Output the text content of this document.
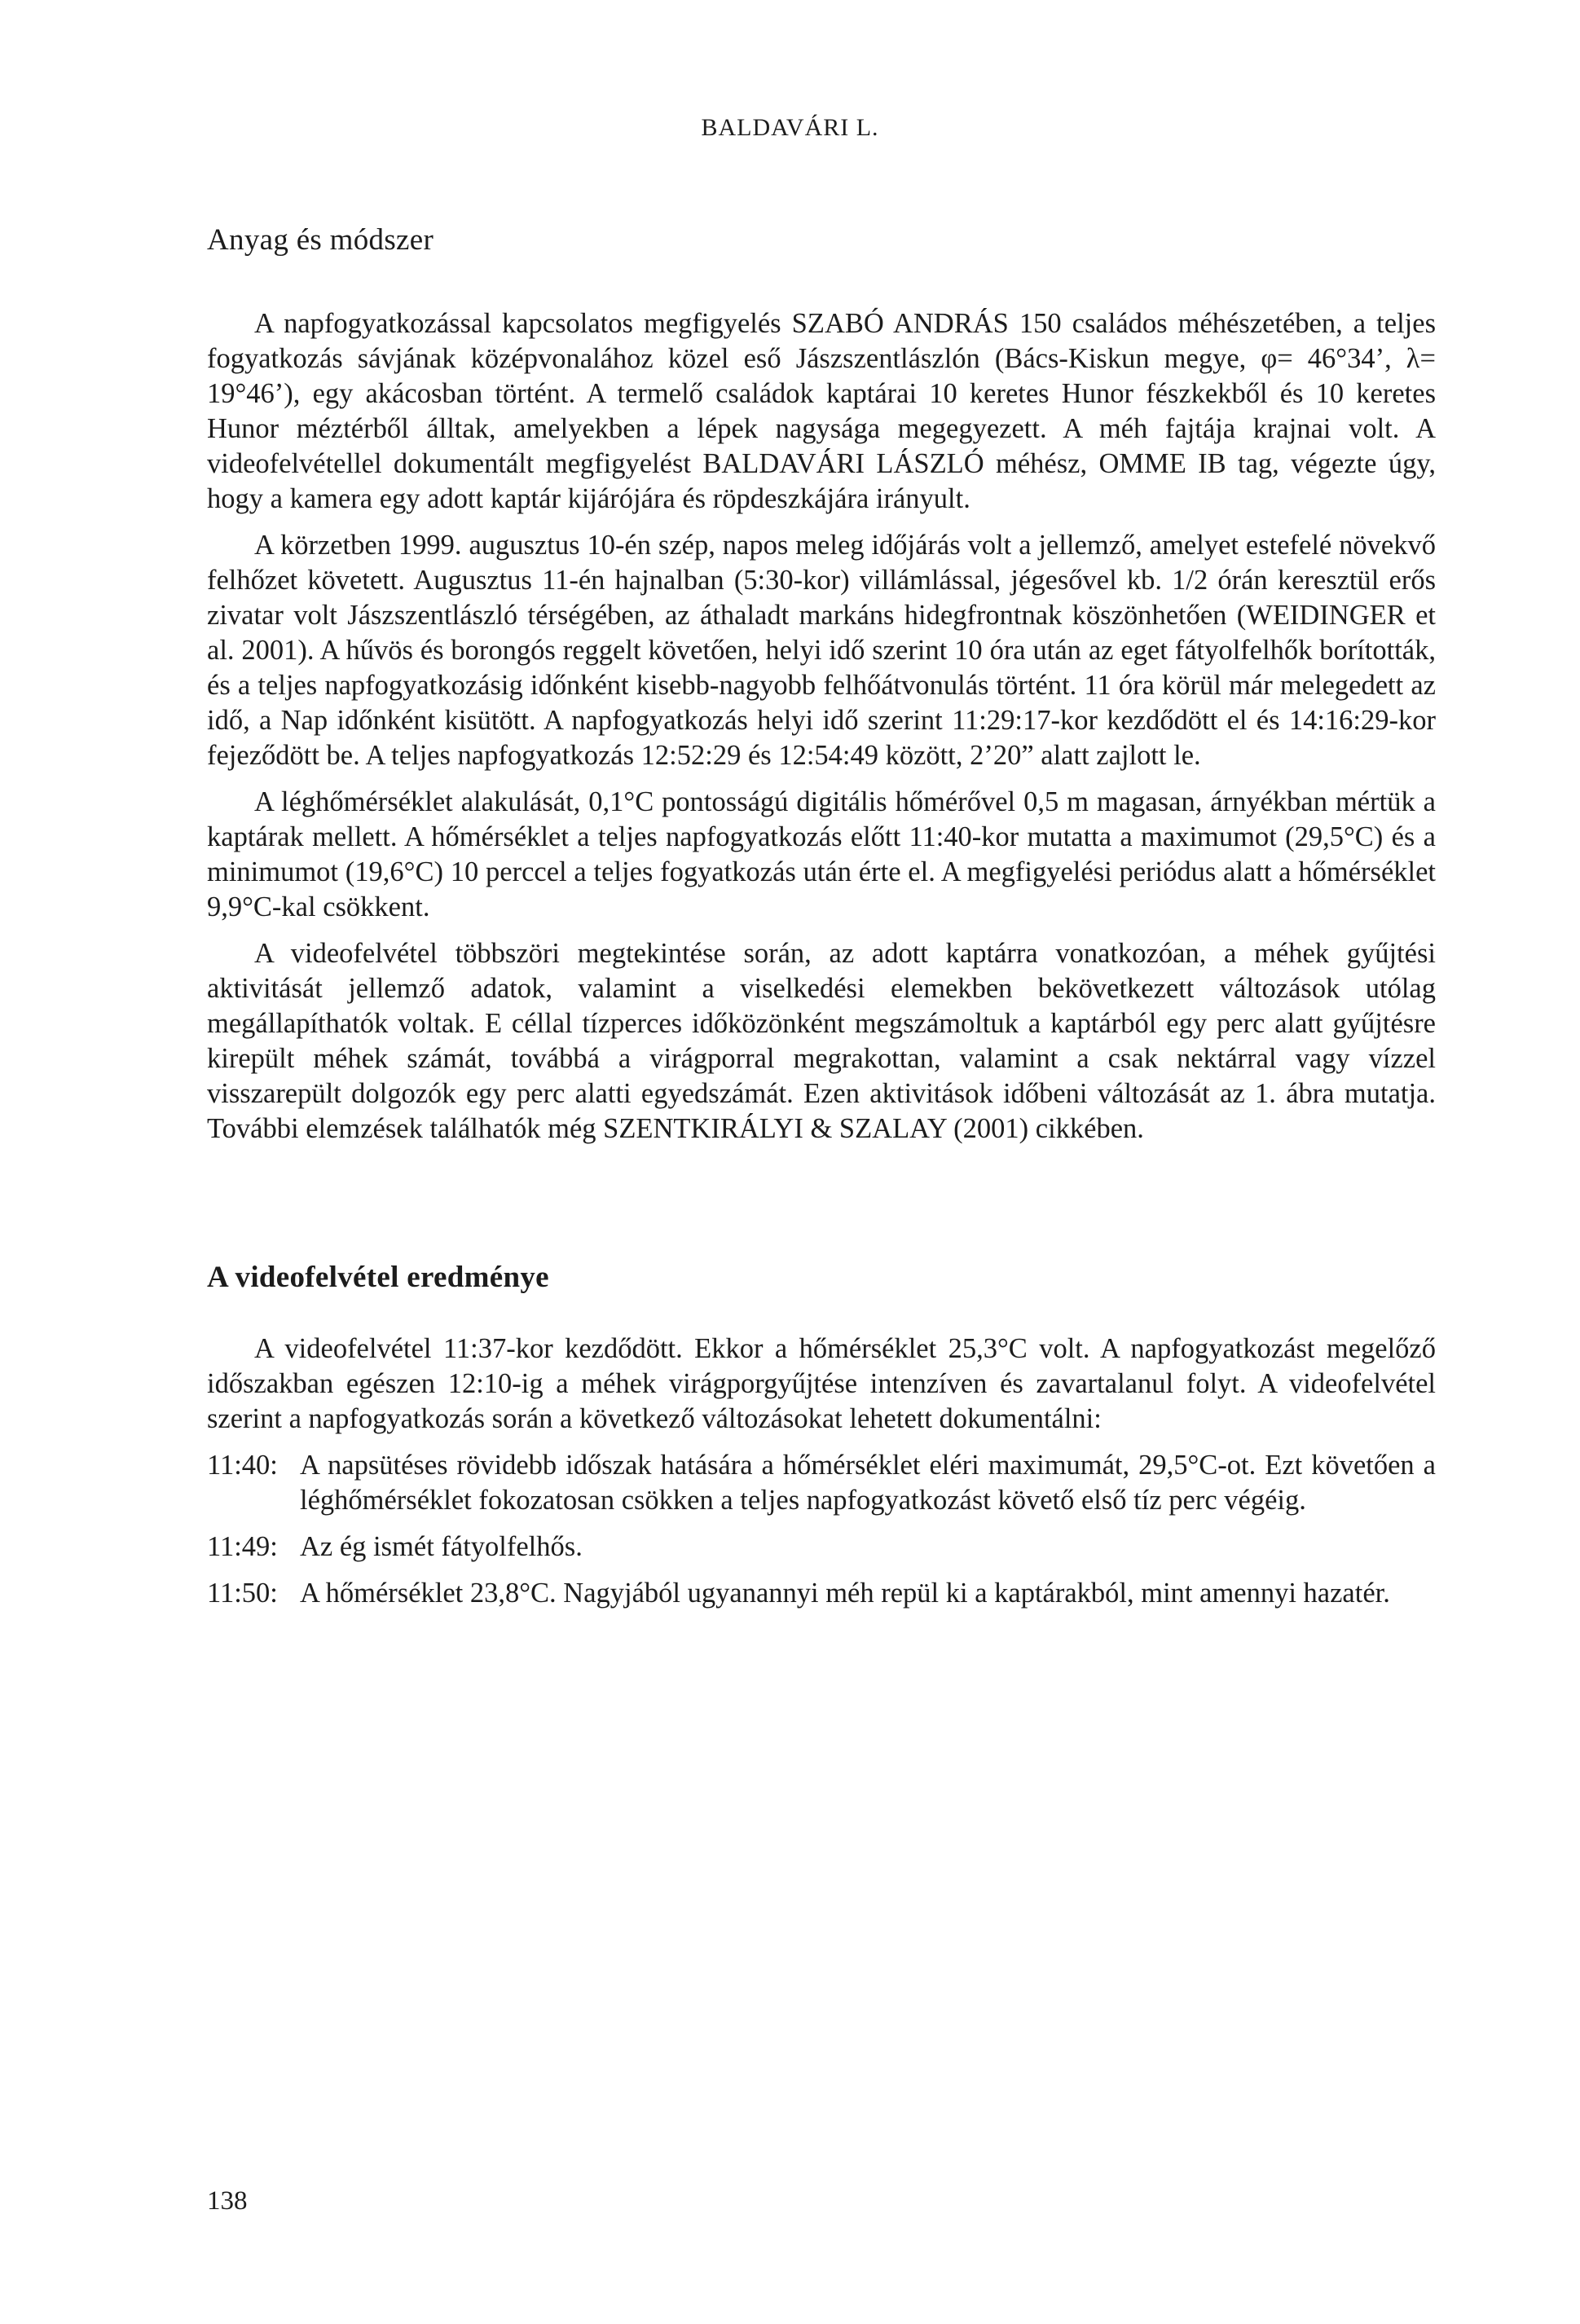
BALDAVÁRI L.
Anyag és módszer

A napfogyatkozással kapcsolatos megfigyelés SZABÓ ANDRÁS 150 családos méhészetében, a teljes fogyatkozás sávjának középvonalához közel eső Jászszentlászlón (Bács-Kiskun megye, φ= 46°34’, λ= 19°46’), egy akácosban történt. A termelő családok kaptárai 10 keretes Hunor fészkekből és 10 keretes Hunor méztérből álltak, amelyekben a lépek nagysága megegyezett. A méh fajtája krajnai volt. A videofelvétellel dokumentált megfigyelést BALDAVÁRI LÁSZLÓ méhész, OMME IB tag, végezte úgy, hogy a kamera egy adott kaptár kijárójára és röpdeszkájára irányult.

A körzetben 1999. augusztus 10-én szép, napos meleg időjárás volt a jellemző, amelyet estefelé növekvő felhőzet követett. Augusztus 11-én hajnalban (5:30-kor) villámlással, jégesővel kb. 1/2 órán keresztül erős zivatar volt Jászszentlászló térségében, az áthaladt markáns hidegfrontnak köszönhetően (WEIDINGER et al. 2001). A hűvös és borongós reggelt követően, helyi idő szerint 10 óra után az eget fátyolfelhők borították, és a teljes napfogyatkozásig időnként kisebb-nagyobb felhőátvonulás történt. 11 óra körül már melegedett az idő, a Nap időnként kisütött. A napfogyatkozás helyi idő szerint 11:29:17-kor kezdődött el és 14:16:29-kor fejeződött be. A teljes napfogyatkozás 12:52:29 és 12:54:49 között, 2’20” alatt zajlott le.

A léghőmérséklet alakulását, 0,1°C pontosságú digitális hőmérővel 0,5 m magasan, árnyékban mértük a kaptárak mellett. A hőmérséklet a teljes napfogyatkozás előtt 11:40-kor mutatta a maximumot (29,5°C) és a minimumot (19,6°C) 10 perccel a teljes fogyatkozás után érte el. A megfigyelési periódus alatt a hőmérséklet 9,9°C-kal csökkent.

A videofelvétel többszöri megtekintése során, az adott kaptárra vonatkozóan, a méhek gyűjtési aktivitását jellemző adatok, valamint a viselkedési elemekben bekövetkezett változások utólag megállapíthatók voltak. E céllal tízperces időközönként megszámoltuk a kaptárból egy perc alatt gyűjtésre kirepült méhek számát, továbbá a virágporral megrakottan, valamint a csak nektárral vagy vízzel visszarepült dolgozók egy perc alatti egyedszámát. Ezen aktivitások időbeni változását az 1. ábra mutatja. További elemzések találhatók még SZENTKIRÁLYI & SZALAY (2001) cikkében.

A videofelvétel eredménye

A videofelvétel 11:37-kor kezdődött. Ekkor a hőmérséklet 25,3°C volt. A napfogyatkozást megelőző időszakban egészen 12:10-ig a méhek virágporgyűjtése intenzíven és zavartalanul folyt. A videofelvétel szerint a napfogyatkozás során a következő változásokat lehetett dokumentálni:

11:40: A napsütéses rövidebb időszak hatására a hőmérséklet eléri maximumát, 29,5°C-ot. Ezt követően a léghőmérséklet fokozatosan csökken a teljes napfogyatkozást követő első tíz perc végéig.
11:49: Az ég ismét fátyolfelhős.
11:50: A hőmérséklet 23,8°C. Nagyjából ugyanannyi méh repül ki a kaptárakból, mint amennyi hazatér.
138
